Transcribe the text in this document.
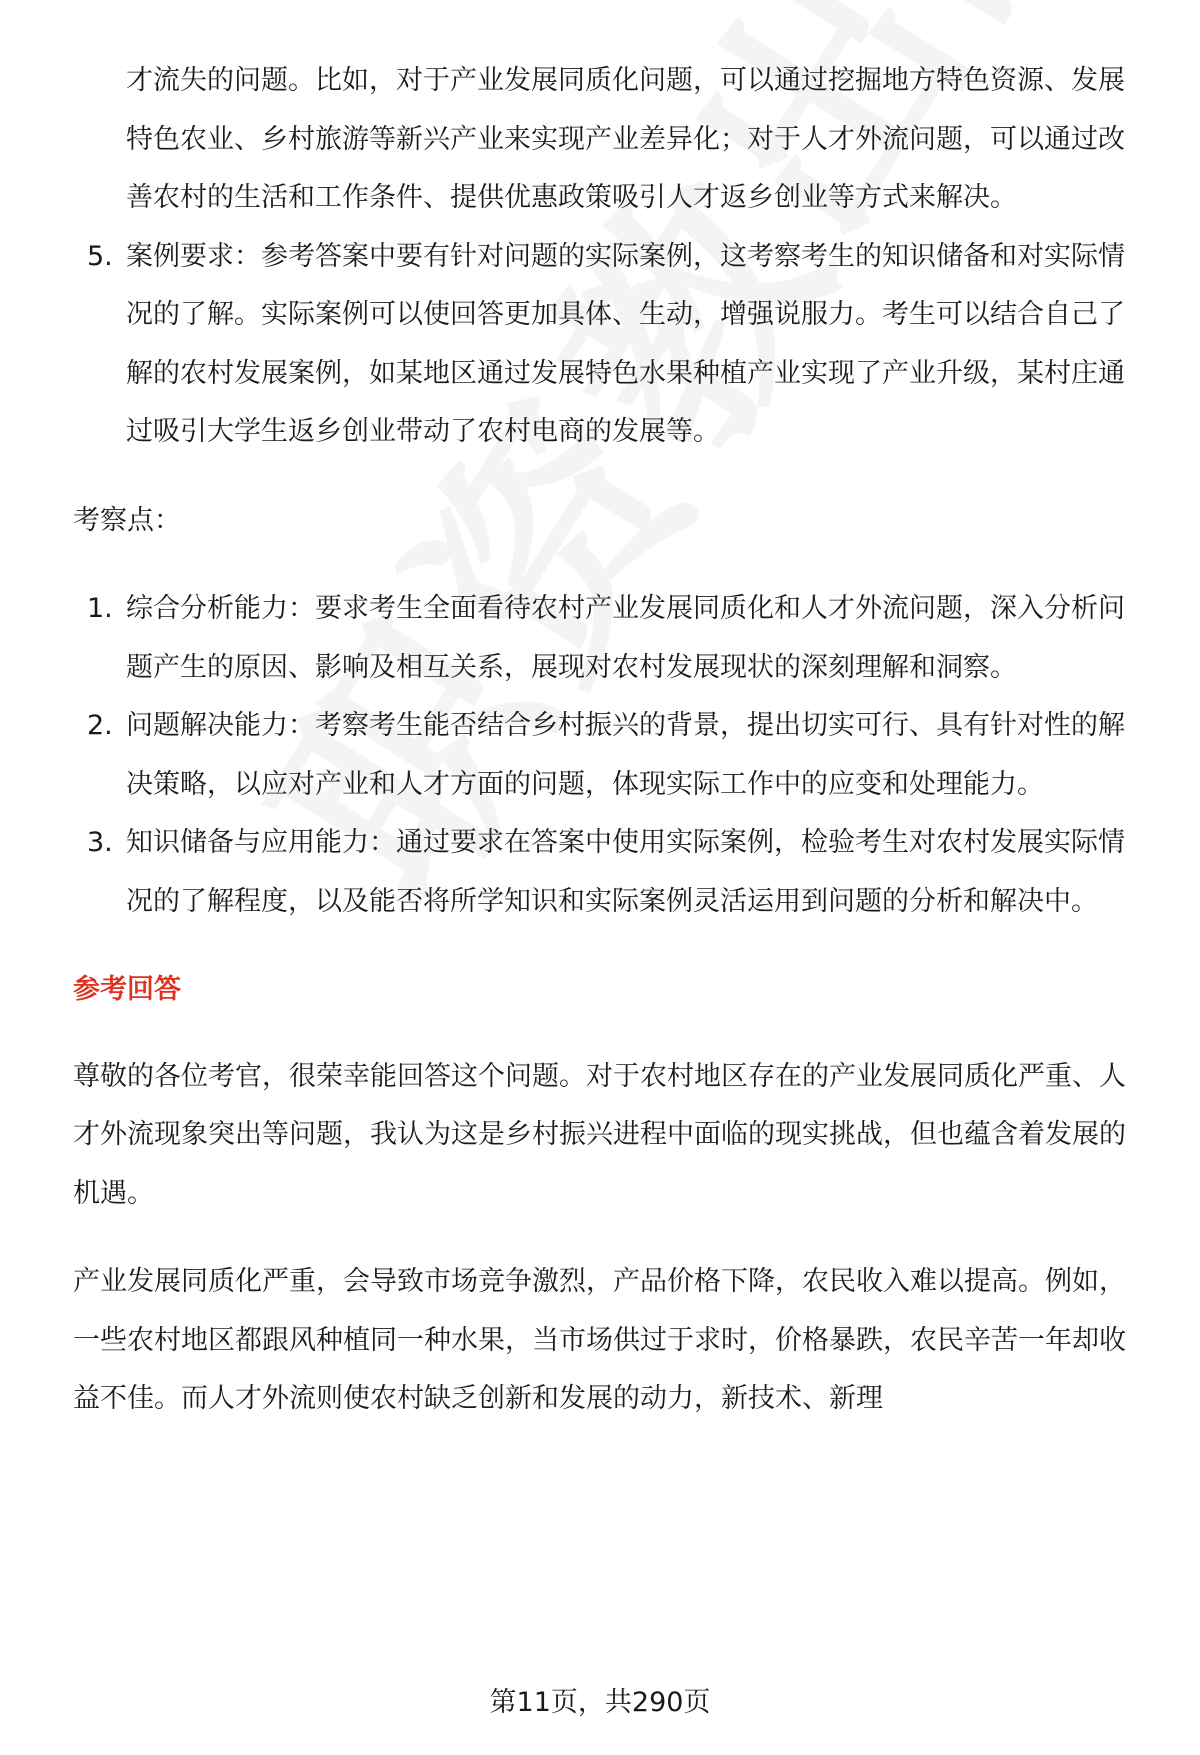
才流失的问题。比如，对于产业发展同质化问题，可以通过挖掘地方特色资源、发展特色农业、乡村旅游等新兴产业来实现产业差异化；对于人才外流问题，可以通过改善农村的生活和工作条件、提供优惠政策吸引人才返乡创业等方式来解决。
5. 案例要求：参考答案中要有针对问题的实际案例，这考察考生的知识储备和对实际情况的了解。实际案例可以使回答更加具体、生动，增强说服力。考生可以结合自己了解的农村发展案例，如某地区通过发展特色水果种植产业实现了产业升级，某村庄通过吸引大学生返乡创业带动了农村电商的发展等。

考察点：

1. 综合分析能力：要求考生全面看待农村产业发展同质化和人才外流问题，深入分析问题产生的原因、影响及相互关系，展现对农村发展现状的深刻理解和洞察。
2. 问题解决能力：考察考生能否结合乡村振兴的背景，提出切实可行、具有针对性的解决策略，以应对产业和人才方面的问题，体现实际工作中的应变和处理能力。
3. 知识储备与应用能力：通过要求在答案中使用实际案例，检验考生对农村发展实际情况的了解程度，以及能否将所学知识和实际案例灵活运用到问题的分析和解决中。

参考回答

尊敬的各位考官，很荣幸能回答这个问题。对于农村地区存在的产业发展同质化严重、人才外流现象突出等问题，我认为这是乡村振兴进程中面临的现实挑战，但也蕴含着发展的机遇。

产业发展同质化严重，会导致市场竞争激烈，产品价格下降，农民收入难以提高。例如，一些农村地区都跟风种植同一种水果，当市场供过于求时，价格暴跌，农民辛苦一年却收益不佳。而人才外流则使农村缺乏创新和发展的动力，新技术、新理

第11页，共290页
